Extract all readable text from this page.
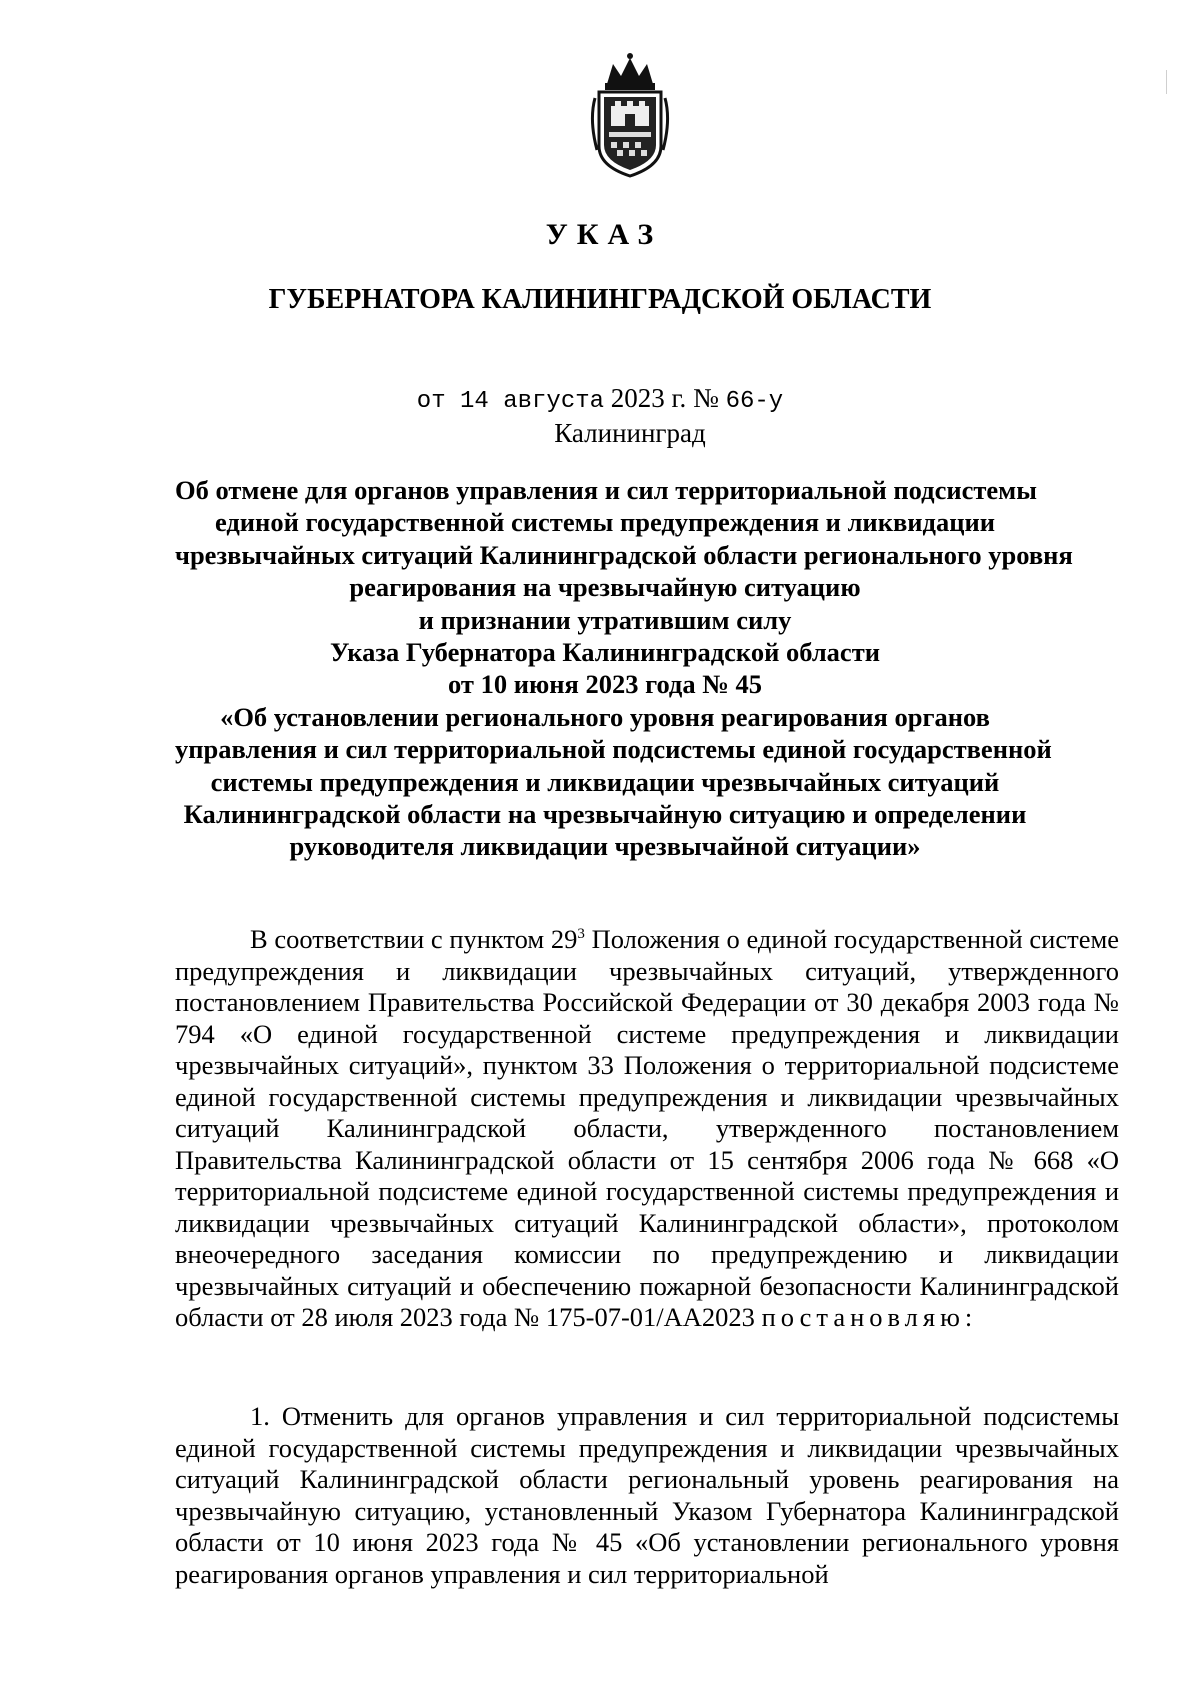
УКАЗ
ГУБЕРНАТОРА КАЛИНИНГРАДСКОЙ ОБЛАСТИ
от 14 августа 2023 г. № 66-у
Калининград
Об отмене для органов управления и сил территориальной подсистемы
единой государственной системы предупреждения и ликвидации
чрезвычайных ситуаций Калининградской области регионального уровня
реагирования на чрезвычайную ситуацию
и признании утратившим силу
Указа Губернатора Калининградской области
от 10 июня 2023 года № 45
«Об установлении регионального уровня реагирования органов
управления и сил территориальной подсистемы единой государственной
системы предупреждения и ликвидации чрезвычайных ситуаций
Калининградской области на чрезвычайную ситуацию и определении
руководителя ликвидации чрезвычайной ситуации»
В соответствии с пунктом $29^3$ Положения о единой государственной системе предупреждения и ликвидации чрезвычайных ситуаций, утвержденного постановлением Правительства Российской Федерации от 30 декабря 2003 года № 794 «О единой государственной системе предупреждения и ликвидации чрезвычайных ситуаций», пунктом 33 Положения о территориальной подсистеме единой государственной системы предупреждения и ликвидации чрезвычайных ситуаций Калининградской области, утвержденного постановлением Правительства Калининградской области от 15 сентября 2006 года № 668 «О территориальной подсистеме единой государственной системы предупреждения и ликвидации чрезвычайных ситуаций Калининградской области», протоколом внеочередного заседания комиссии по предупреждению и ликвидации чрезвычайных ситуаций и обеспечению пожарной безопасности Калининградской области от 28 июля 2023 года № 175-07-01/АА2023 постановляю:
1. Отменить для органов управления и сил территориальной подсистемы единой государственной системы предупреждения и ликвидации чрезвычайных ситуаций Калининградской области региональный уровень реагирования на чрезвычайную ситуацию, установленный Указом Губернатора Калининградской области от 10 июня 2023 года № 45 «Об установлении регионального уровня реагирования органов управления и сил территориальной
